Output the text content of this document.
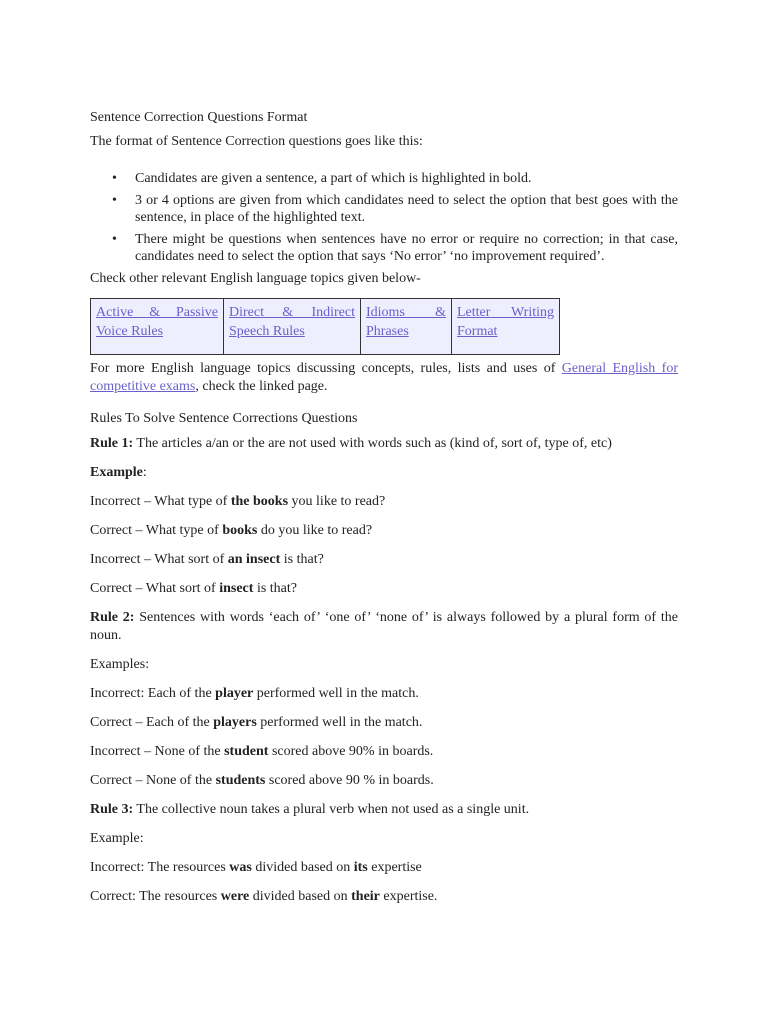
Sentence Correction Questions Format

The format of Sentence Correction questions goes like this:

• Candidates are given a sentence, a part of which is highlighted in bold.
• 3 or 4 options are given from which candidates need to select the option that best goes with the sentence, in place of the highlighted text.
• There might be questions when sentences have no error or require no correction; in that case, candidates need to select the option that says ‘No error’ ‘no improvement required’.

Check other relevant English language topics given below-

Active & Passive Voice Rules	Direct & Indirect Speech Rules	Idioms & Phrases	Letter Writing Format

For more English language topics discussing concepts, rules, lists and uses of General English for competitive exams, check the linked page.

Rules To Solve Sentence Corrections Questions

Rule 1: The articles a/an or the are not used with words such as (kind of, sort of, type of, etc)

Example:

Incorrect – What type of the books you like to read?

Correct – What type of books do you like to read?

Incorrect – What sort of an insect is that?

Correct – What sort of insect is that?

Rule 2: Sentences with words ‘each of’ ‘one of’ ‘none of’ is always followed by a plural form of the noun.

Examples:

Incorrect: Each of the player performed well in the match.

Correct – Each of the players performed well in the match.

Incorrect – None of the student scored above 90% in boards.

Correct – None of the students scored above 90 % in boards.

Rule 3: The collective noun takes a plural verb when not used as a single unit.

Example:

Incorrect: The resources was divided based on its expertise

Correct: The resources were divided based on their expertise.
